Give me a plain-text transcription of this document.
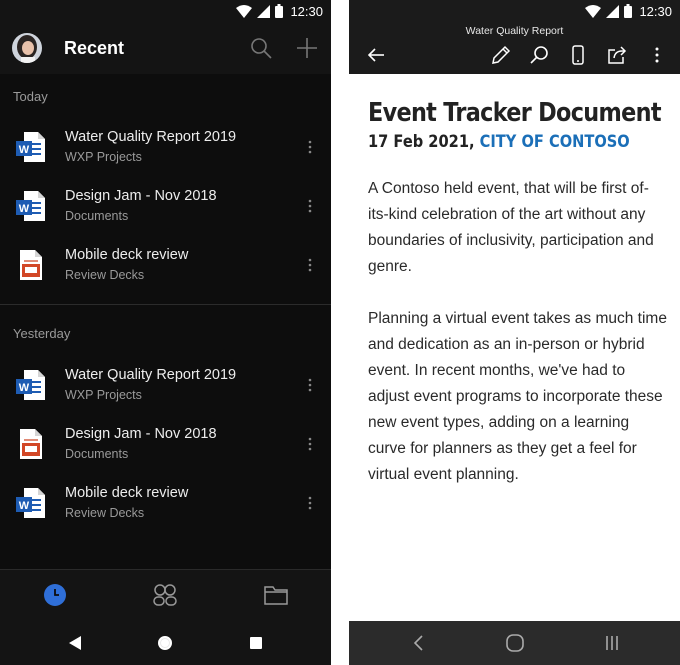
12:30
Recent
Today
W
Water Quality Report 2019
WXP Projects
W
Design Jam - Nov 2018
Documents
Mobile deck review
Review Decks
Yesterday
W
Water Quality Report 2019
WXP Projects
Design Jam - Nov 2018
Documents
W
Mobile deck review
Review Decks
12:30
Water Quality Report
Event Tracker Document
17 Feb 2021, CITY OF CONTOSO

A Contoso held event, that will be first of-its-kind celebration of the art without any boundaries of inclusivity, participation and genre.

Planning a virtual event takes as much time and dedication as an in-person or hybrid event. In recent months, we've had to adjust event programs to incorporate these new event types, adding on a learning curve for planners as they get a feel for virtual event planning.
